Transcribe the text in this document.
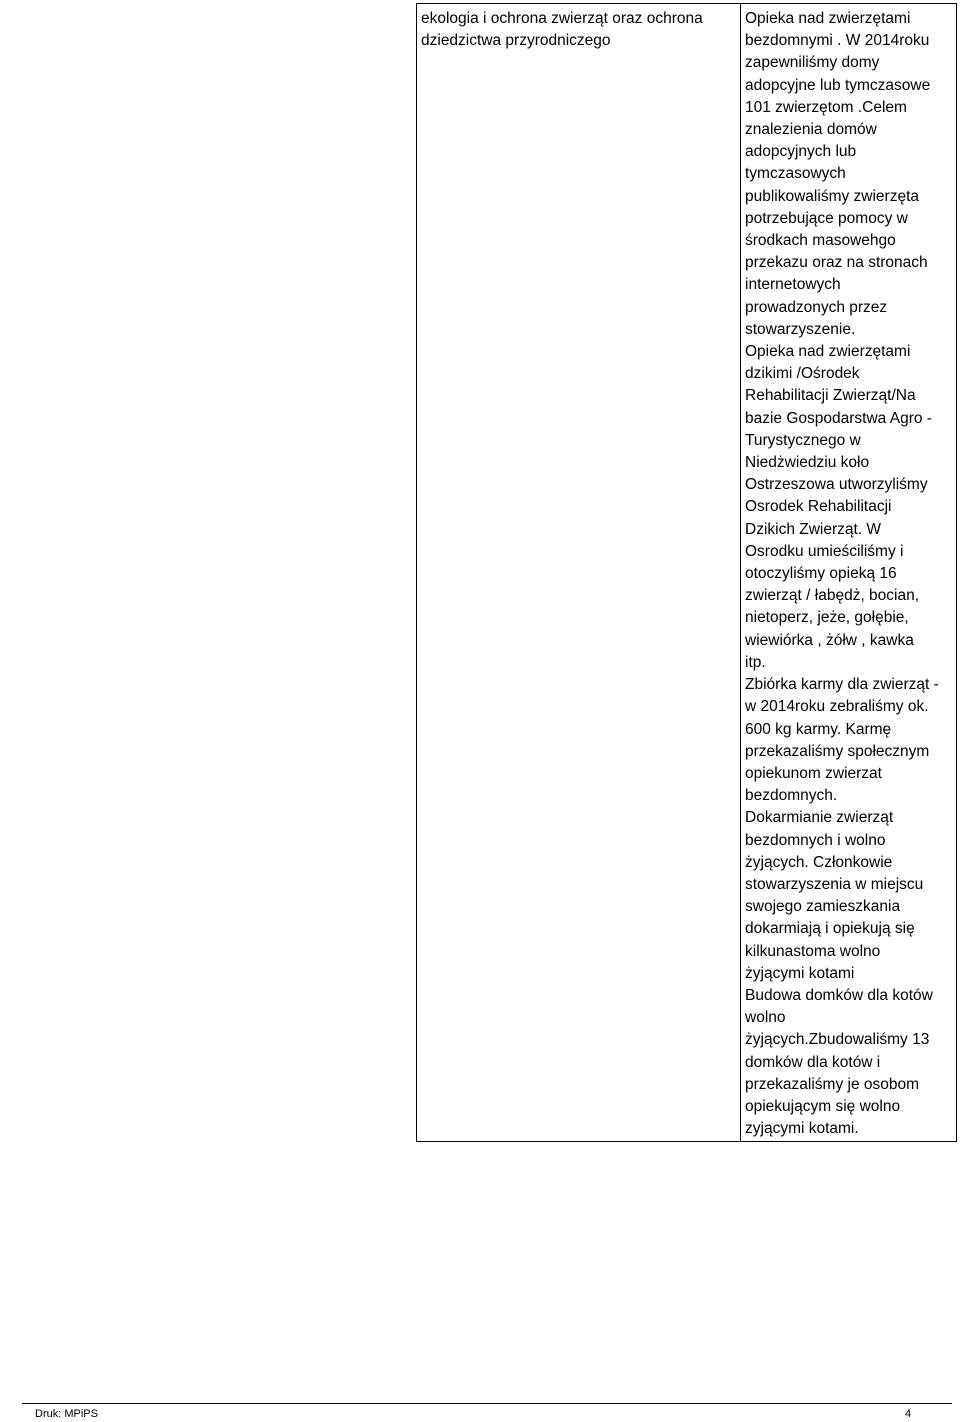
ekologia i ochrona zwierząt oraz ochrona
dziedzictwa przyrodniczego
Opieka nad zwierzętami
bezdomnymi . W 2014roku
zapewniliśmy domy
adopcyjne lub tymczasowe
101 zwierzętom .Celem
znalezienia domów
adopcyjnych lub
tymczasowych
publikowaliśmy zwierzęta
potrzebujące pomocy w
środkach masowehgo
przekazu oraz na stronach
internetowych
prowadzonych przez
stowarzyszenie.
Opieka nad zwierzętami
dzikimi /Ośrodek
Rehabilitacji Zwierząt/Na
bazie Gospodarstwa Agro -
Turystycznego w
Niedżwiedziu koło
Ostrzeszowa utworzyliśmy
Osrodek Rehabilitacji
Dzikich Zwierząt. W
Osrodku umieściliśmy i
otoczyliśmy opieką 16
zwierząt / łabędż, bocian,
nietoperz, jeże, gołębie,
wiewiórka , żółw , kawka
itp.
Zbiórka karmy dla zwierząt -
w 2014roku zebraliśmy ok.
600 kg karmy. Karmę
przekazaliśmy społecznym
opiekunom zwierzat
bezdomnych.
Dokarmianie zwierząt
bezdomnych i wolno
żyjących. Członkowie
stowarzyszenia w miejscu
swojego zamieszkania
dokarmiają i opiekują się
kilkunastoma wolno
żyjącymi kotami
Budowa domków dla kotów
wolno
żyjących.Zbudowaliśmy 13
domków dla kotów i
przekazaliśmy je osobom
opiekującym się wolno
zyjącymi kotami.
Druk: MPiPS	4
